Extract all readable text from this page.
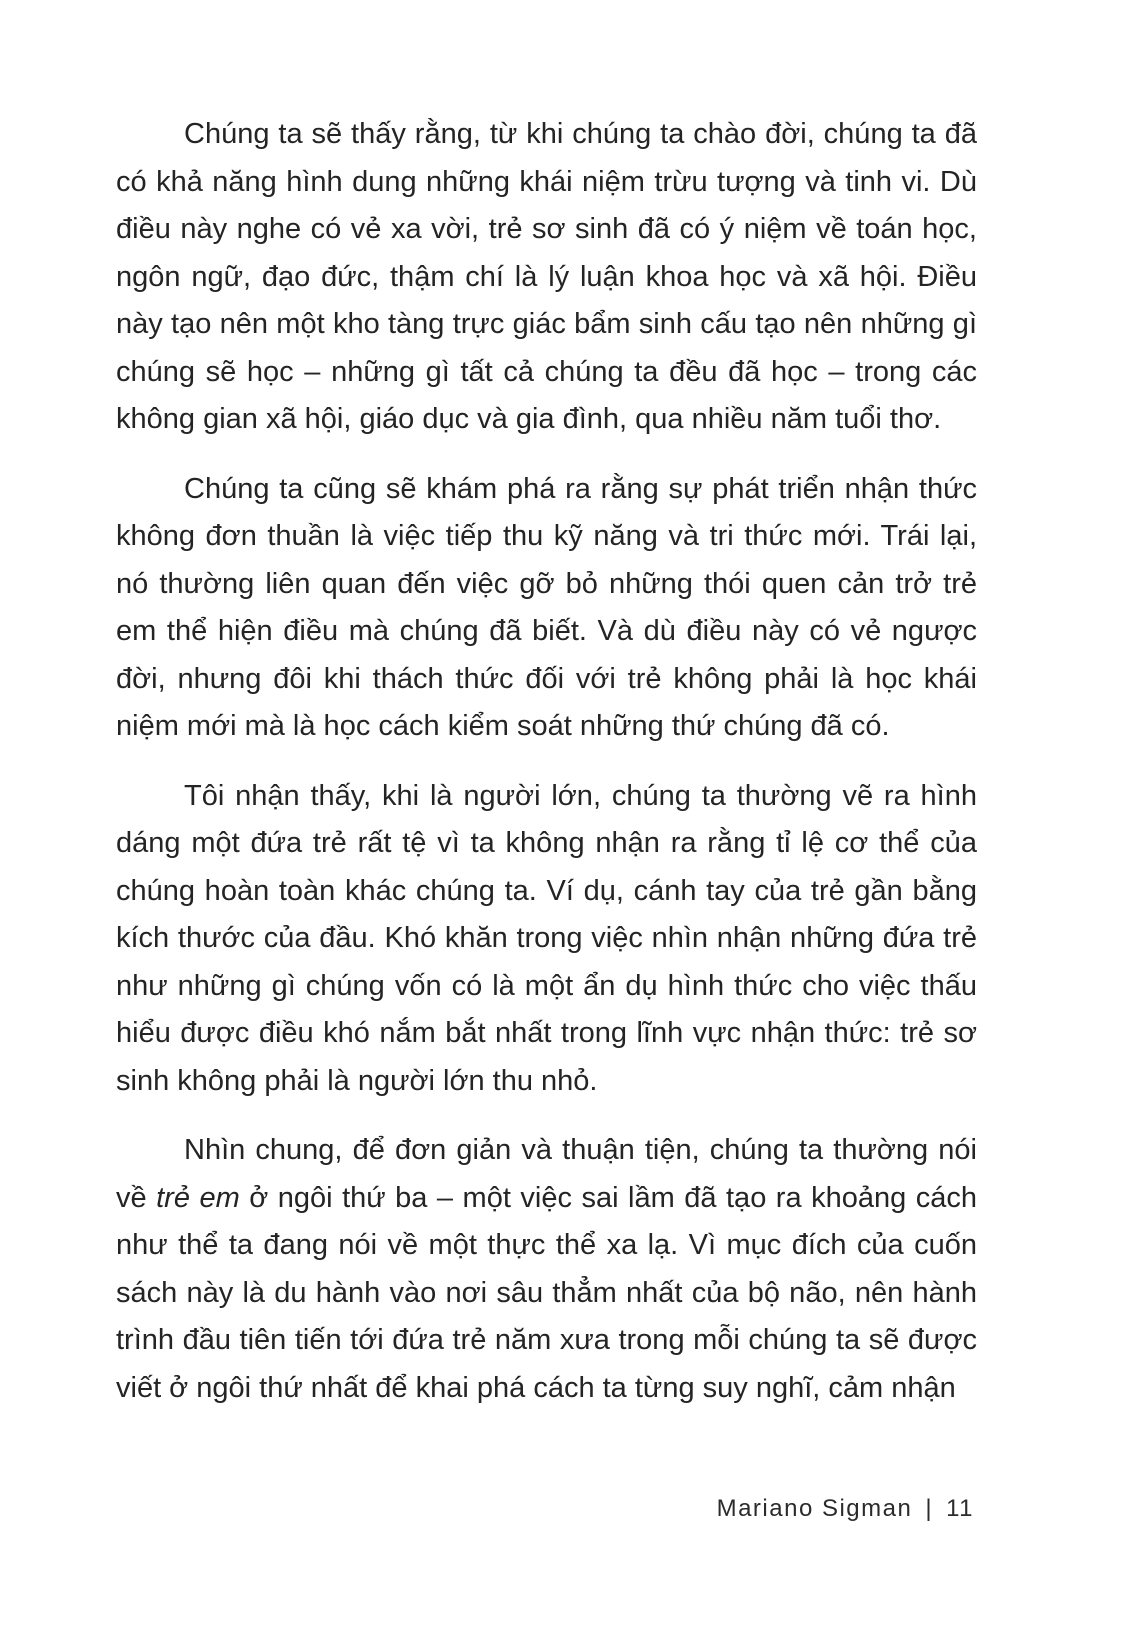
Chúng ta sẽ thấy rằng, từ khi chúng ta chào đời, chúng ta đã có khả năng hình dung những khái niệm trừu tượng và tinh vi. Dù điều này nghe có vẻ xa vời, trẻ sơ sinh đã có ý niệm về toán học, ngôn ngữ, đạo đức, thậm chí là lý luận khoa học và xã hội. Điều này tạo nên một kho tàng trực giác bẩm sinh cấu tạo nên những gì chúng sẽ học – những gì tất cả chúng ta đều đã học – trong các không gian xã hội, giáo dục và gia đình, qua nhiều năm tuổi thơ.

Chúng ta cũng sẽ khám phá ra rằng sự phát triển nhận thức không đơn thuần là việc tiếp thu kỹ năng và tri thức mới. Trái lại, nó thường liên quan đến việc gỡ bỏ những thói quen cản trở trẻ em thể hiện điều mà chúng đã biết. Và dù điều này có vẻ ngược đời, nhưng đôi khi thách thức đối với trẻ không phải là học khái niệm mới mà là học cách kiểm soát những thứ chúng đã có.

Tôi nhận thấy, khi là người lớn, chúng ta thường vẽ ra hình dáng một đứa trẻ rất tệ vì ta không nhận ra rằng tỉ lệ cơ thể của chúng hoàn toàn khác chúng ta. Ví dụ, cánh tay của trẻ gần bằng kích thước của đầu. Khó khăn trong việc nhìn nhận những đứa trẻ như những gì chúng vốn có là một ẩn dụ hình thức cho việc thấu hiểu được điều khó nắm bắt nhất trong lĩnh vực nhận thức: trẻ sơ sinh không phải là người lớn thu nhỏ.

Nhìn chung, để đơn giản và thuận tiện, chúng ta thường nói về trẻ em ở ngôi thứ ba – một việc sai lầm đã tạo ra khoảng cách như thể ta đang nói về một thực thể xa lạ. Vì mục đích của cuốn sách này là du hành vào nơi sâu thẳm nhất của bộ não, nên hành trình đầu tiên tiến tới đứa trẻ năm xưa trong mỗi chúng ta sẽ được viết ở ngôi thứ nhất để khai phá cách ta từng suy nghĩ, cảm nhận

Mariano Sigman | 11
